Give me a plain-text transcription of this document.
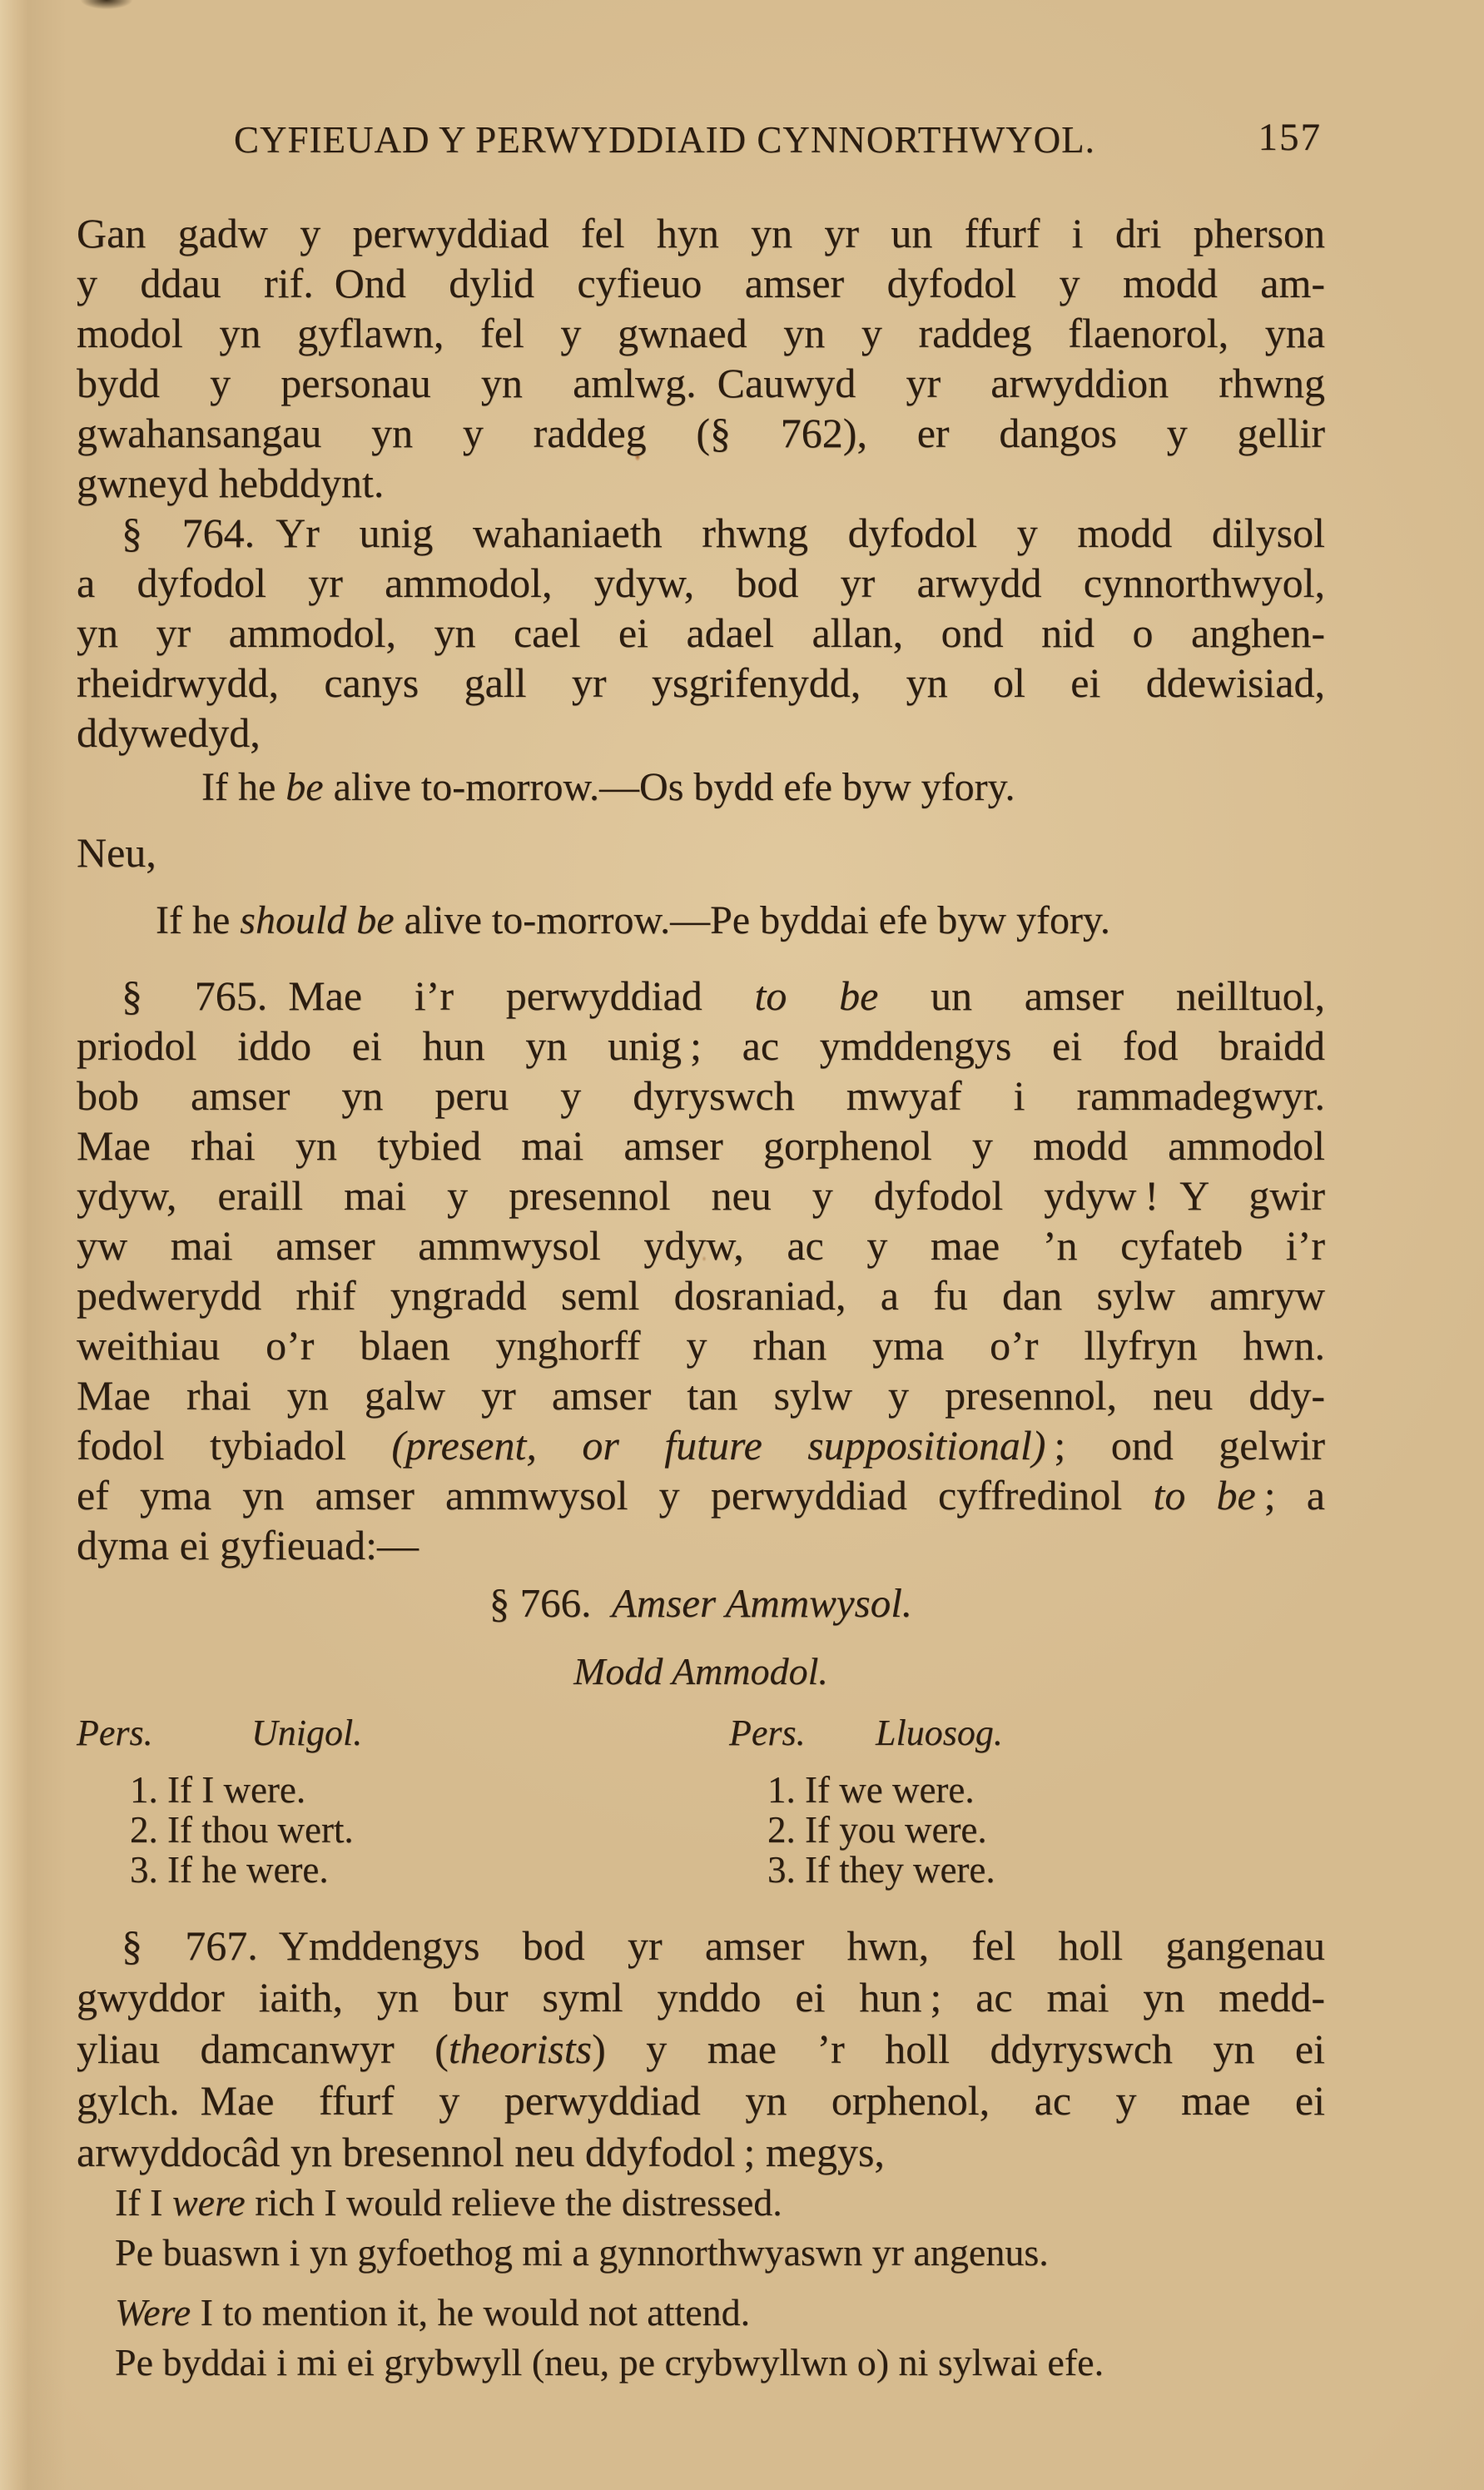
CYFIEUAD Y PERWYDDIAID CYNNORTHWYOL.	157
Gan gadw y perwyddiad fel hyn yn yr un ffurf i dri pherson
y ddau rif. Ond dylid cyfieuo amser dyfodol y modd am-
modol yn gyflawn, fel y gwnaed yn y raddeg flaenorol, yna
bydd y personau yn amlwg. Cauwyd yr arwyddion rhwng
gwahansangau yn y raddeg (§ 762), er dangos y gellir
gwneyd hebddynt.
§ 764. Yr unig wahaniaeth rhwng dyfodol y modd dilysol
a dyfodol yr ammodol, ydyw, bod yr arwydd cynnorthwyol,
yn yr ammodol, yn cael ei adael allan, ond nid o anghen-
rheidrwydd, canys gall yr ysgrifenydd, yn ol ei ddewisiad,
ddywedyd,
If he be alive to-morrow.—Os bydd efe byw yfory.
Neu,
If he should be alive to-morrow.—Pe byddai efe byw yfory.
§ 765. Mae i’r perwyddiad to be un amser neilltuol,
priodol iddo ei hun yn unig ; ac ymddengys ei fod braidd
bob amser yn peru y dyryswch mwyaf i rammadegwyr.
Mae rhai yn tybied mai amser gorphenol y modd ammodol
ydyw, eraill mai y presennol neu y dyfodol ydyw ! Y gwir
yw mai amser ammwysol ydyw, ac y mae ’n cyfateb i’r
pedwerydd rhif yngradd seml dosraniad, a fu dan sylw amryw
weithiau o’r blaen ynghorff y rhan yma o’r llyfryn hwn.
Mae rhai yn galw yr amser tan sylw y presennol, neu ddy-
fodol tybiadol (present, or future suppositional) ; ond gelwir
ef yma yn amser ammwysol y perwyddiad cyffredinol to be ; a
dyma ei gyfieuad:—
§ 766. Amser Ammwysol.
Modd Ammodol.
Pers.	Unigol.	Pers. Lluosog.
1. If I were.	1. If we were.
2. If thou wert.	2. If you were.
3. If he were.	3. If they were.
§ 767. Ymddengys bod yr amser hwn, fel holl gangenau
gwyddor iaith, yn bur syml ynddo ei hun ; ac mai yn medd-
yliau damcanwyr (theorists) y mae ’r holl ddyryswch yn ei
gylch. Mae ffurf y perwyddiad yn orphenol, ac y mae ei
arwyddocâd yn bresennol neu ddyfodol ; megys,
If I were rich I would relieve the distressed.
Pe buaswn i yn gyfoethog mi a gynnorthwyaswn yr angenus.
Were I to mention it, he would not attend.
Pe byddai i mi ei grybwyll (neu, pe crybwyllwn o) ni sylwai efe.
